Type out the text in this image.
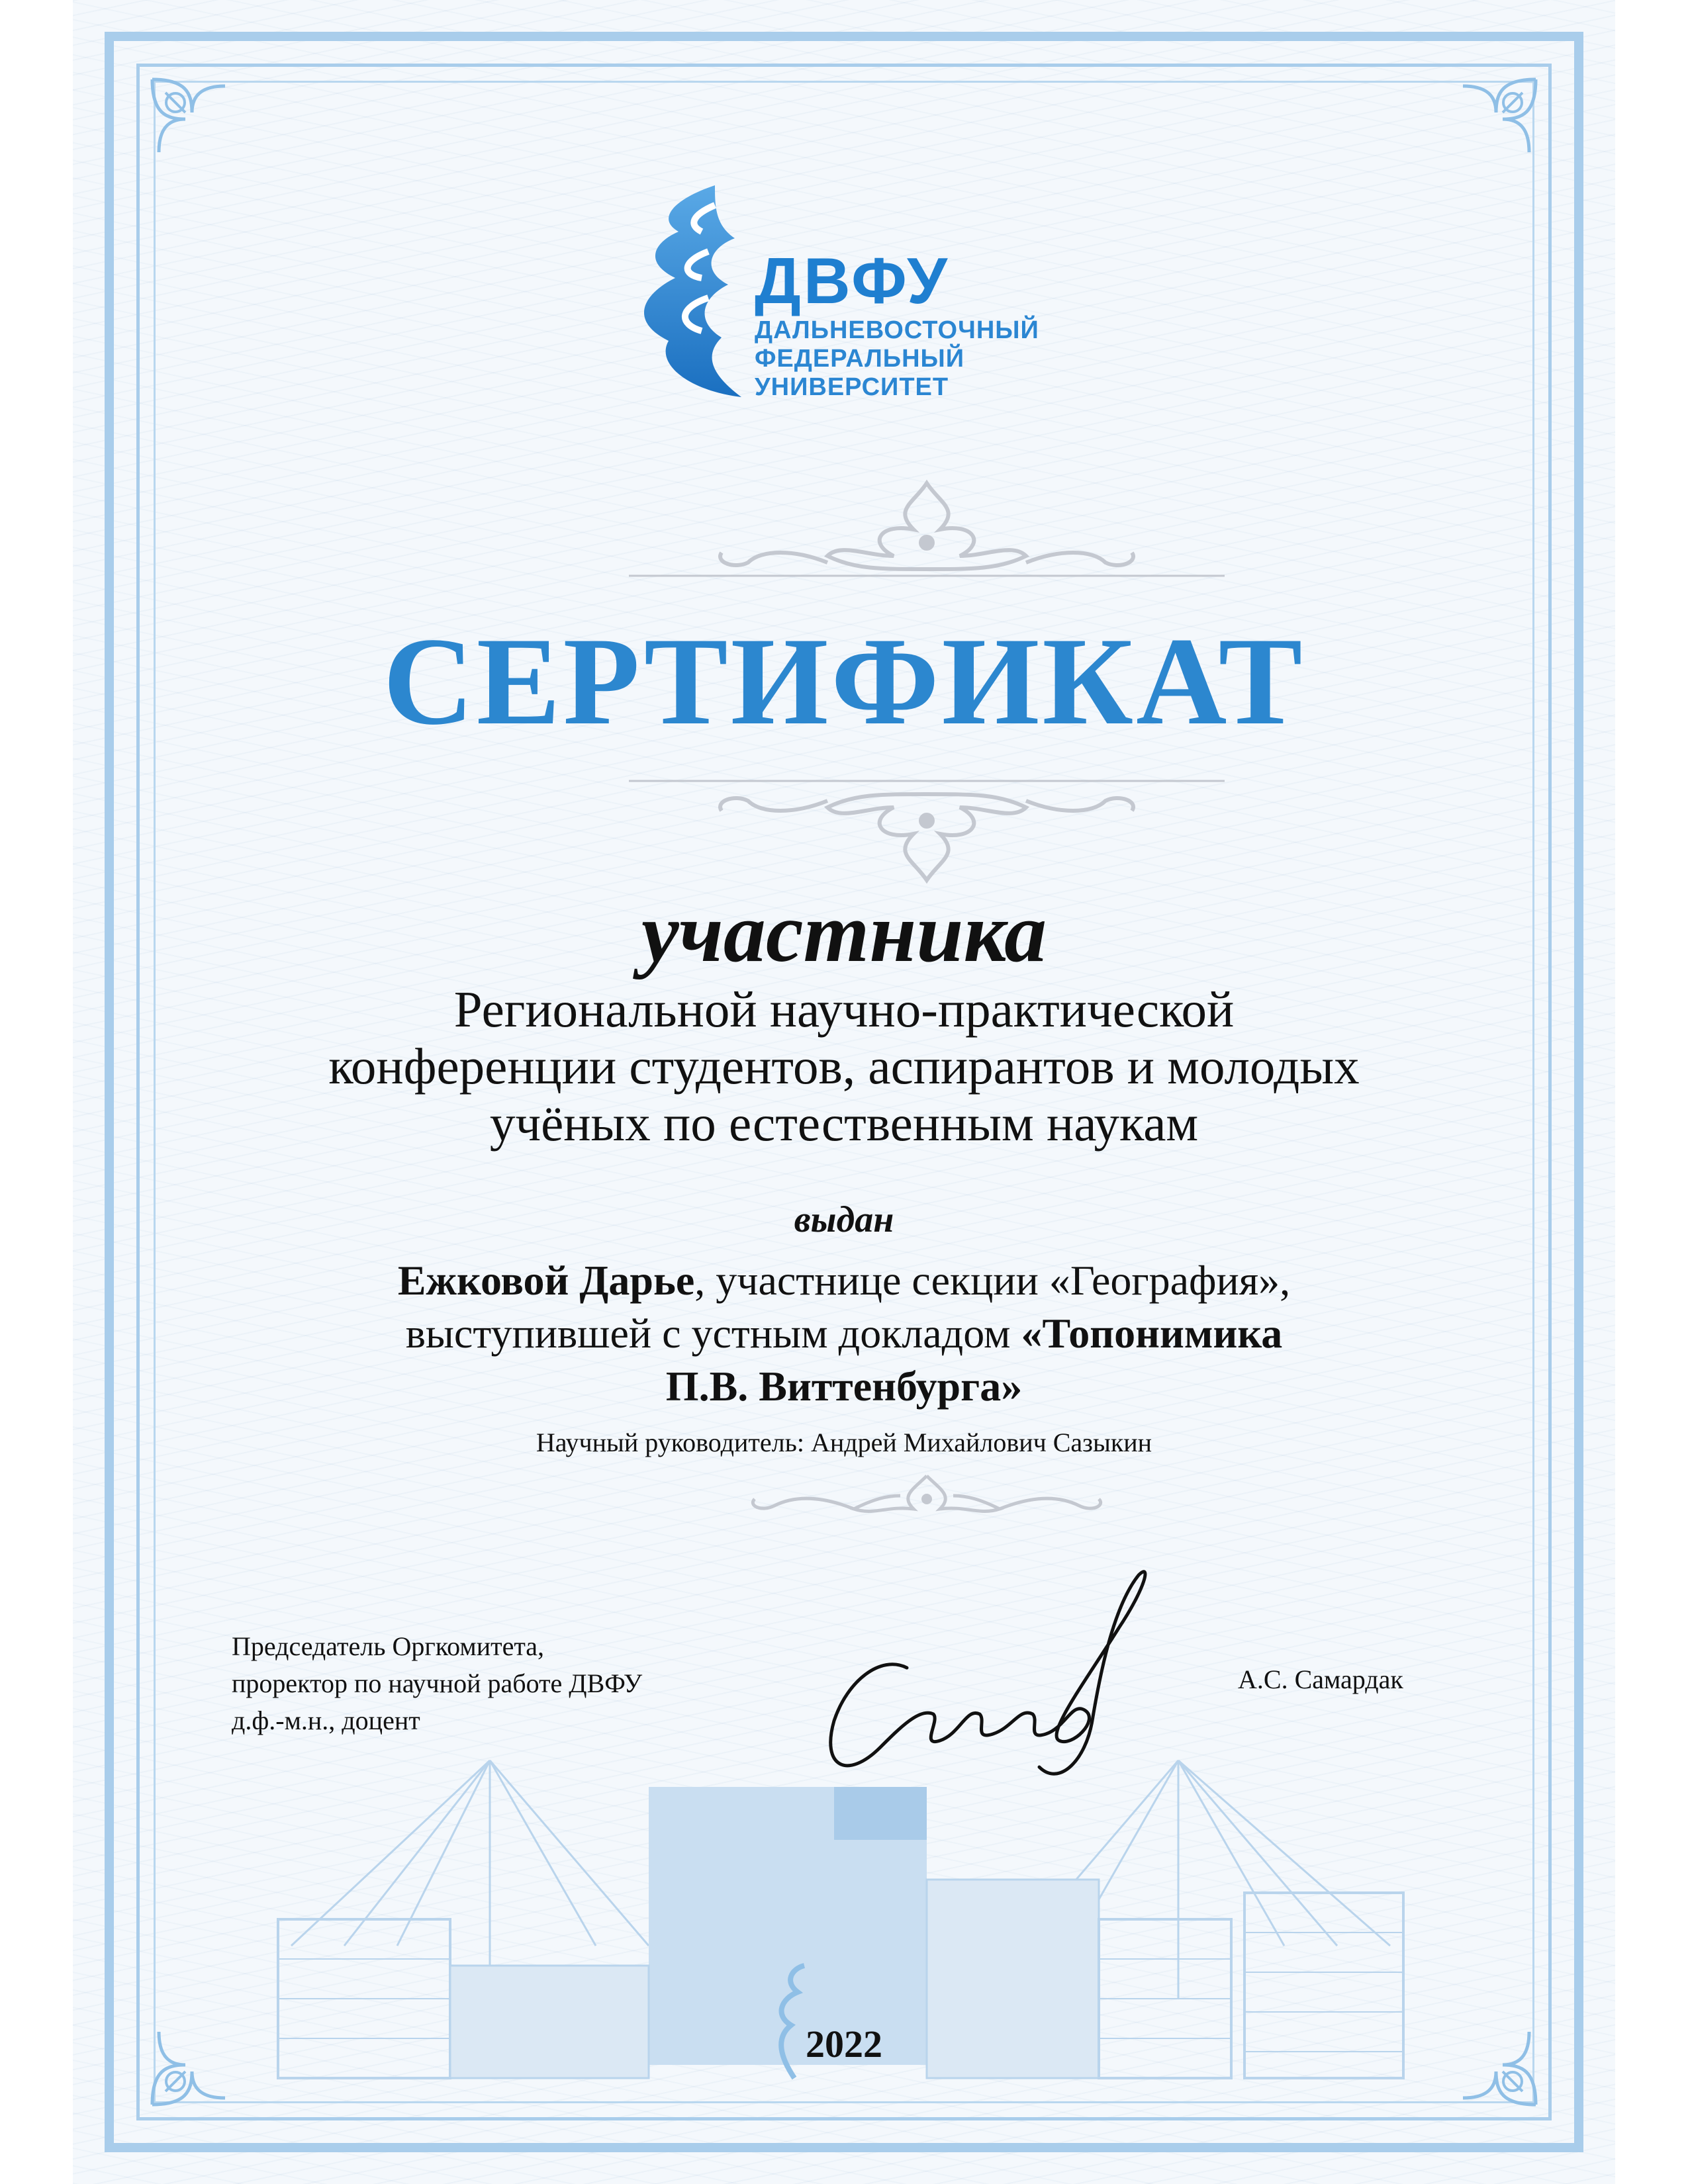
ДВФУ
ДАЛЬНЕВОСТОЧНЫЙ
ФЕДЕРАЛЬНЫЙ
УНИВЕРСИТЕТ
СЕРТИФИКАТ
участника
Региональной научно-практической
конференции студентов, аспирантов и молодых
учёных по естественным наукам
выдан
Ежковой Дарье, участнице секции «География»,
выступившей с устным докладом «Топонимика
П.В. Виттенбурга»
Научный руководитель: Андрей Михайлович Сазыкин
Председатель Оргкомитета,
проректор по научной работе ДВФУ
д.ф.-м.н., доцент
А.С. Самардак
2022
